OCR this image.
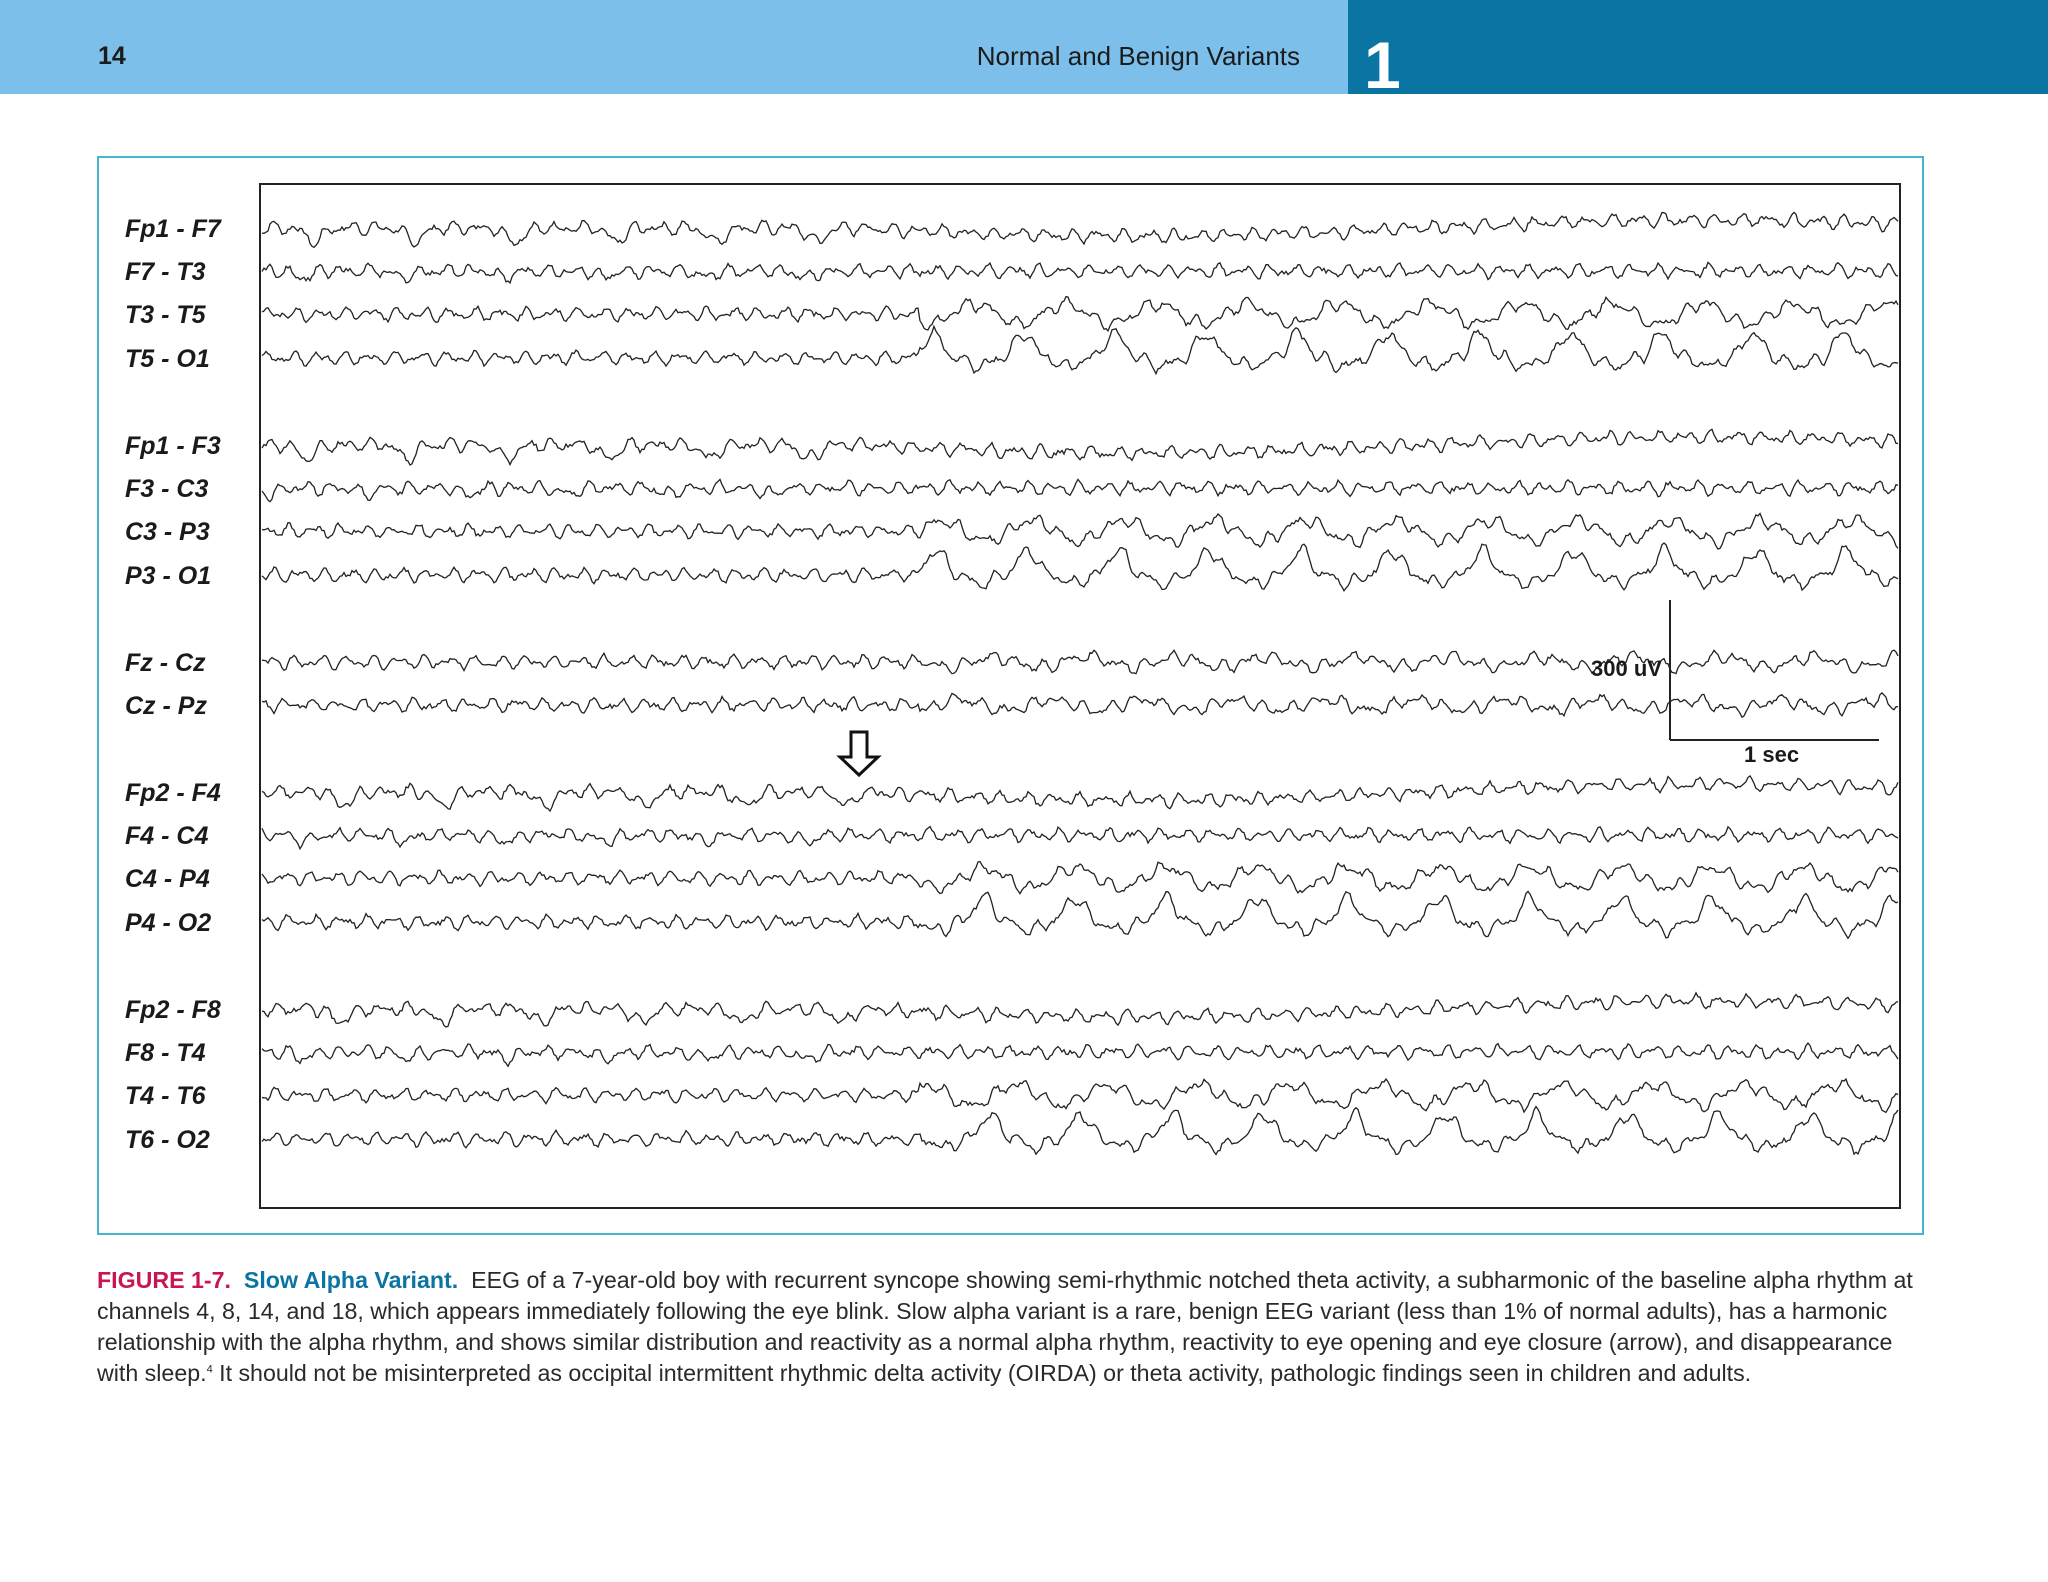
14	Normal and Benign Variants 1
Fp1 - F7
F7 - T3
T3 - T5
T5 - O1
Fp1 - F3
F3 - C3
C3 - P3
P3 - O1
Fz - Cz
Cz - Pz
Fp2 - F4
F4 - C4
C4 - P4
P4 - O2
Fp2 - F8
F8 - T4
T4 - T6
T6 - O2
300 uV
1 sec
FIGURE 1-7. Slow Alpha Variant. EEG of a 7-year-old boy with recurrent syncope showing semi-rhythmic notched theta activity, a subharmonic of the baseline alpha rhythm at channels 4, 8, 14, and 18, which appears immediately following the eye blink. Slow alpha variant is a rare, benign EEG variant (less than 1% of normal adults), has a harmonic relationship with the alpha rhythm, and shows similar distribution and reactivity as a normal alpha rhythm, reactivity to eye opening and eye closure (arrow), and disappearance with sleep.$^4$ It should not be misinterpreted as occipital intermittent rhythmic delta activity (OIRDA) or theta activity, pathologic findings seen in children and adults.
